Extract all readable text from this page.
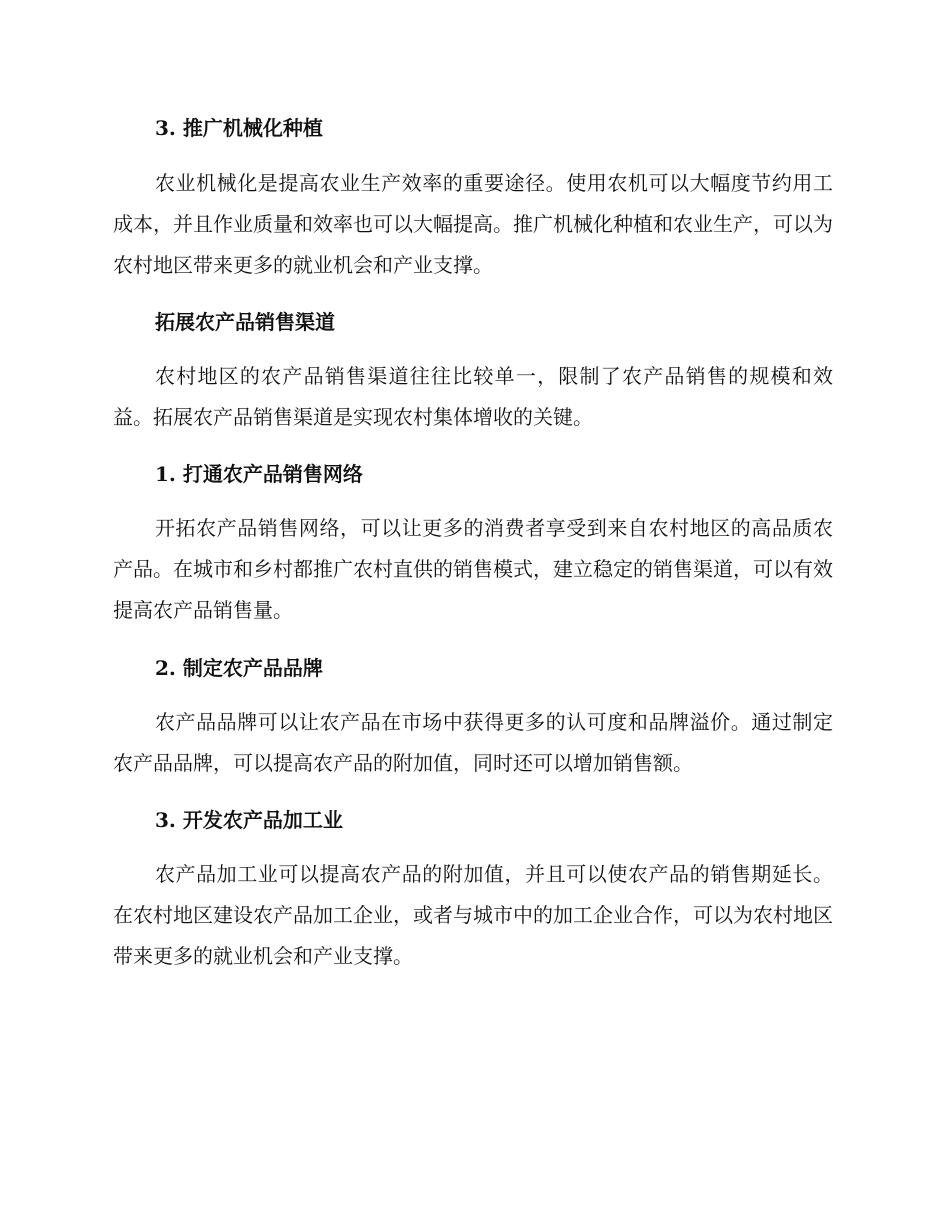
3. 推广机械化种植
农业机械化是提高农业生产效率的重要途径。使用农机可以大幅度节约用工成本，并且作业质量和效率也可以大幅提高。推广机械化种植和农业生产，可以为农村地区带来更多的就业机会和产业支撑。
拓展农产品销售渠道
农村地区的农产品销售渠道往往比较单一，限制了农产品销售的规模和效益。拓展农产品销售渠道是实现农村集体增收的关键。
1. 打通农产品销售网络
开拓农产品销售网络，可以让更多的消费者享受到来自农村地区的高品质农产品。在城市和乡村都推广农村直供的销售模式，建立稳定的销售渠道，可以有效提高农产品销售量。
2. 制定农产品品牌
农产品品牌可以让农产品在市场中获得更多的认可度和品牌溢价。通过制定农产品品牌，可以提高农产品的附加值，同时还可以增加销售额。
3. 开发农产品加工业
农产品加工业可以提高农产品的附加值，并且可以使农产品的销售期延长。在农村地区建设农产品加工企业，或者与城市中的加工企业合作，可以为农村地区带来更多的就业机会和产业支撑。
